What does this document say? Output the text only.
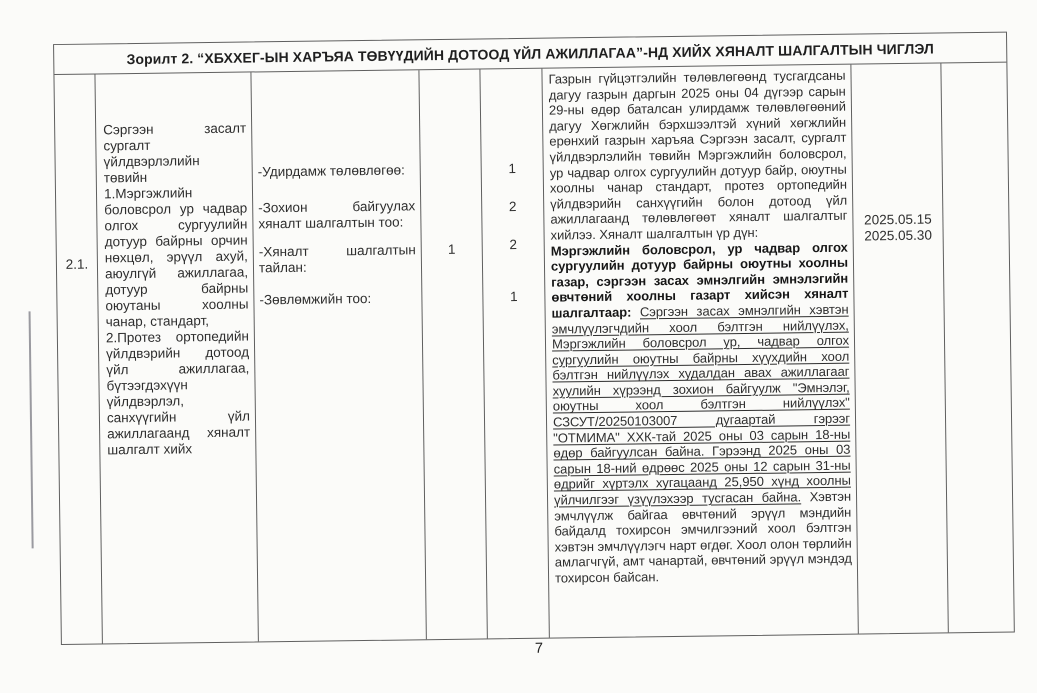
Зорилт 2. “ХБХХЕГ-ЫН ХАРЪЯА ТӨВҮҮДИЙН ДОТООД ҮЙЛ АЖИЛЛАГАА”-НД ХИЙХ ХЯНАЛТ ШАЛГАЛТЫН ЧИГЛЭЛ
2.1.

Сэргээн засалт сургалт үйлдвэрлэлийн төвийн

1.Мэргэжлийн боловсрол ур чадвар олгох сургуулийн дотуур байрны орчин нөхцөл, эрүүл ахуй, аюулгүй ажиллагаа, дотуур байрны оюутаны хоолны чанар, стандарт,

2.Протез ортопедийн үйлдвэрийн дотоод үйл ажиллагаа, бүтээгдэхүүн үйлдвэрлэл, санхүүгийн үйл ажиллагаанд хяналт шалгалт хийх

-Удирдамж төлөвлөгөө:
-Зохион байгуулах хяналт шалгалтын тоо:
-Хяналт шалгалтын тайлан:
-Зөвлөмжийн тоо:
1
1
2
2
1

Газрын гүйцэтгэлийн төлөвлөгөөнд тусгагдсаны дагуу газрын даргын 2025 оны 04 дүгээр сарын 29-ны өдөр баталсан улирдамж төлөвлөгөөний дагуу Хөгжлийн бэрхшээлтэй хүний хөгжлийн ерөнхий газрын харъяа Сэргээн засалт, сургалт үйлдвэрлэлийн төвийн Мэргэжлийн боловсрол, ур чадвар олгох сургуулийн дотуур байр, оюутны хоолны чанар стандарт, протез ортопедийн үйлдвэрийн санхүүгийн болон дотоод үйл ажиллагаанд төлөвлөгөөт хяналт шалгалтыг хийлээ. Хяналт шалгалтын үр дүн:

Мэргэжлийн боловсрол, ур чадвар олгох сургуулийн дотуур байрны оюутны хоолны газар, сэргээн засах эмнэлгийн эмнэлэгийн өвчтөний хоолны газарт хийсэн хяналт шалгалтаар: Сэргээн засах эмнэлгийн хэвтэн эмчлүүлэгчдийн хоол бэлтгэн нийлүүлэх, Мэргэжлийн боловсрол ур, чадвар олгох сургуулийн оюутны байрны хүүхдийн хоол бэлтгэн нийлүүлэх худалдан авах ажиллагааг хуулийн хүрээнд зохион байгуулж "Эмнэлэг, оюутны хоол бэлтгэн нийлүүлэх" СЗСУТ/20250103007 дугаартай гэрээг "ОТМИМА" ХХК-тай 2025 оны 03 сарын 18-ны өдөр байгуулсан байна. Гэрээнд 2025 оны 03 сарын 18-ний өдрөөс 2025 оны 12 сарын 31-ны өдрийг хүртэлх хугацаанд 25,950 хүнд хоолны үйлчилгээг үзүүлэхээр тусгасан байна. Хэвтэн эмчлүүлж байгаа өвчтөний эрүүл мэндийн байдалд тохирсон эмчилгээний хоол бэлтгэн хэвтэн эмчлүүлэгч нарт өгдөг. Хоол олон төрлийн амлагчгүй, амт чанартай, өвчтөний эрүүл мэндэд тохирсон байсан.

2025.05.15
2025.05.30
7
